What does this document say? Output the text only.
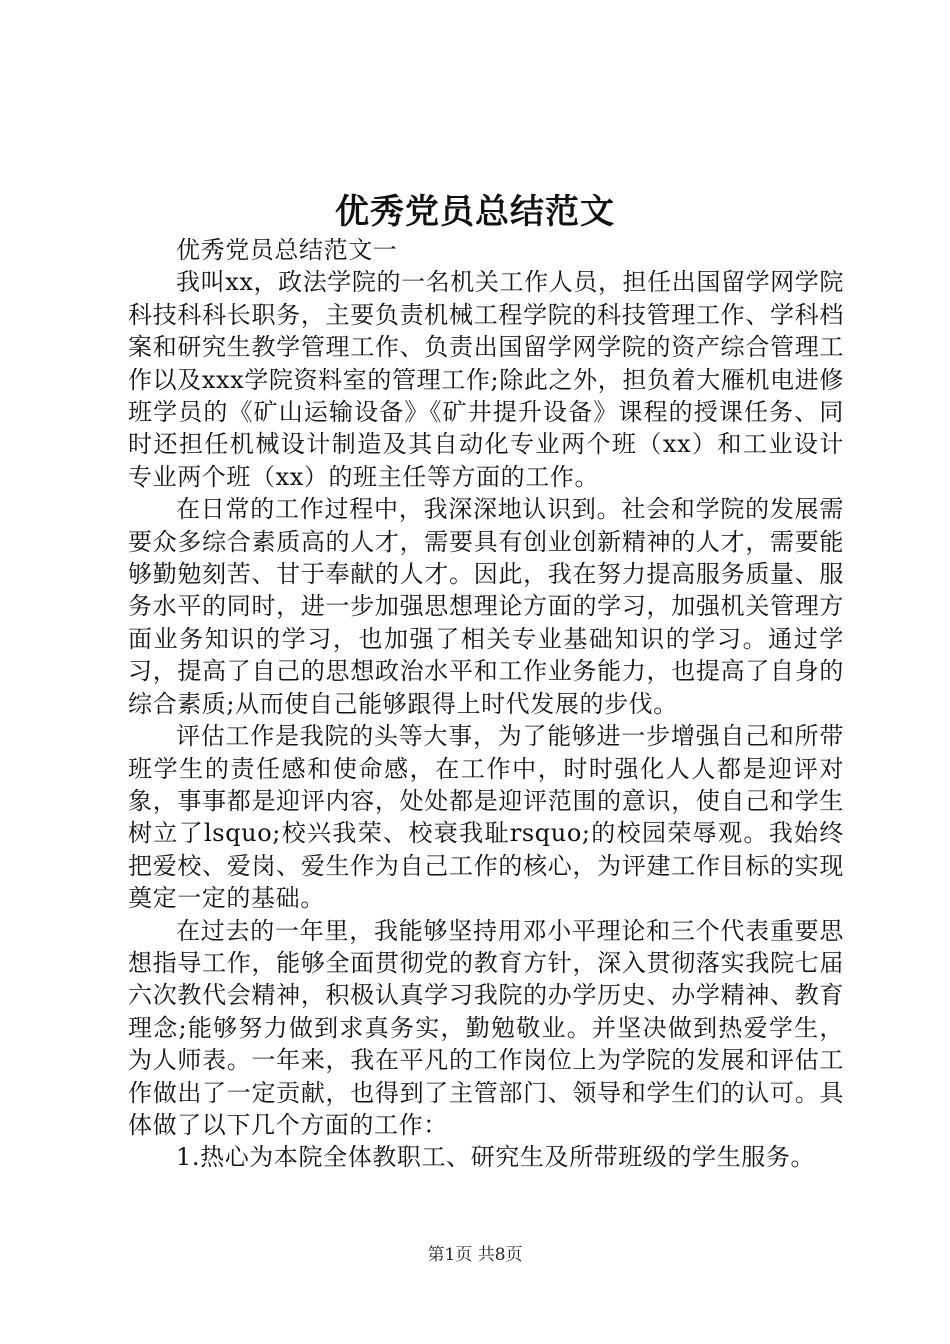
优秀党员总结范文

优秀党员总结范文一

我叫xx，政法学院的一名机关工作人员，担任出国留学网学院科技科科长职务，主要负责机械工程学院的科技管理工作、学科档案和研究生教学管理工作、负责出国留学网学院的资产综合管理工作以及xxx学院资料室的管理工作;除此之外，担负着大雁机电进修班学员的《矿山运输设备》《矿井提升设备》课程的授课任务、同时还担任机械设计制造及其自动化专业两个班（xx）和工业设计专业两个班（xx）的班主任等方面的工作。

在日常的工作过程中，我深深地认识到。社会和学院的发展需要众多综合素质高的人才，需要具有创业创新精神的人才，需要能够勤勉刻苦、甘于奉献的人才。因此，我在努力提高服务质量、服务水平的同时，进一步加强思想理论方面的学习，加强机关管理方面业务知识的学习，也加强了相关专业基础知识的学习。通过学习，提高了自己的思想政治水平和工作业务能力，也提高了自身的综合素质;从而使自己能够跟得上时代发展的步伐。

评估工作是我院的头等大事，为了能够进一步增强自己和所带班学生的责任感和使命感，在工作中，时时强化人人都是迎评对象，事事都是迎评内容，处处都是迎评范围的意识，使自己和学生树立了lsquo;校兴我荣、校衰我耻rsquo;的校园荣辱观。我始终把爱校、爱岗、爱生作为自己工作的核心，为评建工作目标的实现奠定一定的基础。

在过去的一年里，我能够坚持用邓小平理论和三个代表重要思想指导工作，能够全面贯彻党的教育方针，深入贯彻落实我院七届六次教代会精神，积极认真学习我院的办学历史、办学精神、教育理念;能够努力做到求真务实，勤勉敬业。并坚决做到热爱学生，为人师表。一年来，我在平凡的工作岗位上为学院的发展和评估工作做出了一定贡献，也得到了主管部门、领导和学生们的认可。具体做了以下几个方面的工作：

1.热心为本院全体教职工、研究生及所带班级的学生服务。

第1页 共8页
